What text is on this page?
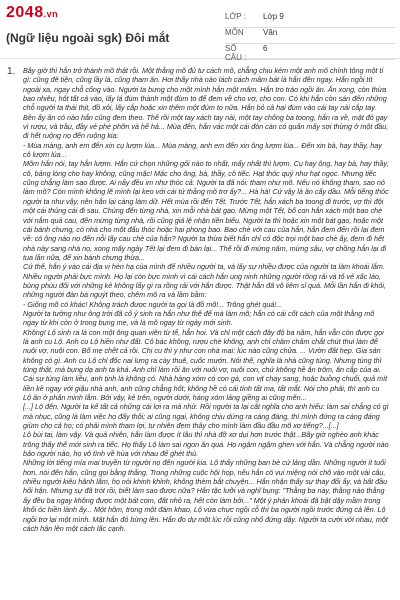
2048.vn
(Ngữ liệu ngoài sgk) Đôi mắt
LỚP :	Lớp 9
MÔN	Văn
SỐ CÂU :
6
1. Bây giờ thì hắn trở thành mõ thật rồi. Một thằng mõ đủ tư cách mõ, chẳng chịu kém một anh mõ chính tông một tí gì: cũng đê tiện, cũng lầy là, cũng tham ăn. Hơi thấy nhà nào lách cách mâm bát là hắn đến ngay. Hắn ngồi tít ngoài xa, ngay chỗ cổng vào. Người ta bưng cho một mình hắn một mâm. Hắn tro tráo ngồi ăn. Ăn xong, còn thừa bao nhiêu, hốt tất cả vào, lấy lá đùm thành một đùm to để đem về cho vợ, cho con. Có khi hắn còn sán đến những chỗ người ta thái thịt, đồ xôi, lấy cắp hoặc xin thêm một đùm to nữa. Hắn bỏ cả hai đùm vào cái tay nải cắp tay. Bên ấy ăn có nào hắn cũng đem theo. Thế rồi một tay xách tay nải, một tay chống ba toong, hắn ra về, mặt đỏ gay vì rượu, và trầu, đầy vẻ phè phỡn và hể hả... Mùa đến, hắn vác một cái đòn càn có quấn mấy sợi thừng ở một đầu, đi hết ruộng nọ đến ruộng kia:

- Mùa màng, anh em đến xin cụ lượm lúa... Mùa màng, anh em đến xin ông lượm lúa... Đến xin bà, hay thầy, hay cô lượm lúa...

Mõm hắn nói, tay hắn lượm. Hắn cứ chọn những gối nào to nhất, mẩy nhất thì lượm. Cụ hay ông, hay bà, hay thầy, cô, bảng lòng cho hay không, cũng mặc! Mặc cho ông, bà, thầy, cô tiếc. Hạt thóc quý như hạt ngọc. Nhưng tiếc cũng chẳng làm sao được. Ai nấy đều im như thóc cả. Người ta đã nói: tham như mõ. Nếu nó không tham, sao nó làm mõ? Còn mình không lẽ mình lại keo với cái tứ thằng mõ trơ ấy?... Hà hà! Cứ vậy là ăn cấy dầu. Mỗi tiếng thóc người ta như vậy, nên hắn lại càng làm dữ. Hết mùa rồi đến Tết. Trước Tết, hắn xách ba toong đi trước, vợ thì đội một cái thúng cái đi sau. Chúng đến từng nhà, xin mỗi nhà bát gạo. Mừng một Tết, bố con hắn xách một bao chè với nắm quả cau, đến mừng từng nhà, rồi cũng giả lệ nhận tiền biếu. Người ta thì hoặc xin một bát gạo, hoặc một cái bánh chưng, có nhà cho một đấu thóc hoặc hai phong bao. Bao chè với cau của hắn, hắn đem đến rồi lại đem về: có ông nào nọ đến nỗi lấy cau chè của hắn? Người ta thừa biết hắn chỉ có độc trọi một bao chè ấy, đem đi hết nhà này sang nhà nọ, xong mấy ngày Tết lại đem đi bán lại... Thế rồi đi mừng năm, mừng sâu, vợ chồng hắn lại đi tua lần nữa, để xin bánh chưng thừa...

Cứ thế, hắn ý vào cái địa vị hèn hạ của mình để nhiều người ta, và lấy sự nhiều được của người ta làm khoái lắm. Nhiều người phải bực mình. Họ lại còn bực mình vì cái cách hắn ung ninh những người rõng rải và tố vẻ xấc láo, bùng phùu đối với những kẻ không lấy gì ra rõng rải với hắn được. Thật hắn đã vô liêm sỉ quá. Mỗi lần hắn đi khỏi, những người đàn bà nguýt theo, chêm mõ ra và lầm bầm:

- Giống mõ có khác! Không trách được người ta gọi là đồ mõ!... Trông ghét quá!...

Người ta tưởng như ông trời đã cố ý sinh ra hắn như thế để mà làm mõ; hắn có cái cốt cách của một thằng mõ ngay từ khi còn ở trong bụng mẹ, và là mõ ngay từ ngày mới sinh.

Không! Lộ sinh ra là con một ông quan viên từ tế, hẳn hoi. Và chỉ một cách đây độ ba năm, hắn vẫn còn được gọi là anh cu Lộ. Anh cu Lộ hiền như đất. Cô bác không, rượu chè không, anh chỉ chăm chăm chắt chút thui làm để nuôi vợ, nuôi con. Bố mẹ chết cả rồi. Chị cu thì y như con nhà mai: lúc nào cũng chửa. ... Vườn đất hẹp. Gia sản không có gì. Anh cu Lộ chỉ đốc nai lưng ra cày thuê, cuốc mướn. Nói thế, nghĩa là nhà cũng túng. Nhưng túng thì túng thật, mà bụng dạ anh ta khá. Anh chỉ làm rồi ăn với nuôi vợ, nuôi con, chứ không hề ăn trộm, ăn cắp của ai. Cái sự túng làm liều, anh tịnh là không có. Nhà hàng xóm có con gà, con vịt chạy sang, hoặc buồng chuối, quả mít liền kề ngay với giậu nhà anh, anh cũng chẳng hốt; không hề có cái tính tất ma, tất mắt. Nói cho phải, thì anh cu Lộ ăn ở phân minh lắm. Bởi vậy, kẻ trên, người dưới, hàng xóm láng giềng ai cũng mến...

[...] Lộ đến. Người ta kể tất cả những cái lợi ra mà nhử. Rồi người ta lại cắt nghĩa cho anh hiểu: làm sai chẳng có gì mà nhục, cũng là làm việc họ đấy thôi; ai cũng ngại, không chịu dứng ra cáng đáng, thì mình đứng ra cáng đáng giùm cho cả họ; có phải mình tham lợi, tự nhiên đem thây cho mình làm đầu đầu mõ xơ tiếng?...[...]

Lộ bùi tai, làm vậy. Và quả nhiên, hắn làm được ít lâu thì nhà đỡ xơ dụi hơn trước thật...Bây giờ nghèo anh khác trông thấy thế mới sinh ra tiếc. Họ thấy Lộ làm sai ngon ăn quá. Họ ngậm ngậm ghen với hắn. Và chẳng người nào bảo người nào, họ vô tình về hùa với nhau để ghét thù.

Những lời tiếng mía mai truyền từ người nọ đến người kia. Lộ thấy những ban bè cứ lảng dần. Những người ít tuổi hơn, nói đến hắn, cũng gọi bằng thằng. Trong những cuộc hội họp, nếu hắn có vui miệng nói chõ vào một vài câu, nhiều người kiêu hãnh lắm, họ nói khinh khỉnh, không thèm bắt chuyện... Hắn nhận thấy sự thay đổi ấy, và bất đầu hối hận. Nhưng sự đã trót rồi, biết làm sao được nữa? Hắn tặc lưỡi và nghĩ bụng: "Thằng ba này, thằng nào thằng ấy đều ba ngay không được một bát com, đất nhỏ ra, hết còn làm bởi..." Một ý phản khoái đã bật dậy mầm trong khối óc hiền lành ấy... Một hôm, trong một đám khao, Lộ vừa chực ngồi cỗ thì ba người ngồi trước đứng cả lên. Lộ ngồi trơ lại một mình. Mặt hắn đỏ bừng lên. Hắn đo dự một lúc rồi cũng nhổ đứng dậy. Người ta cười với nhau, một cách hân lên một cách lấc cạnh.
